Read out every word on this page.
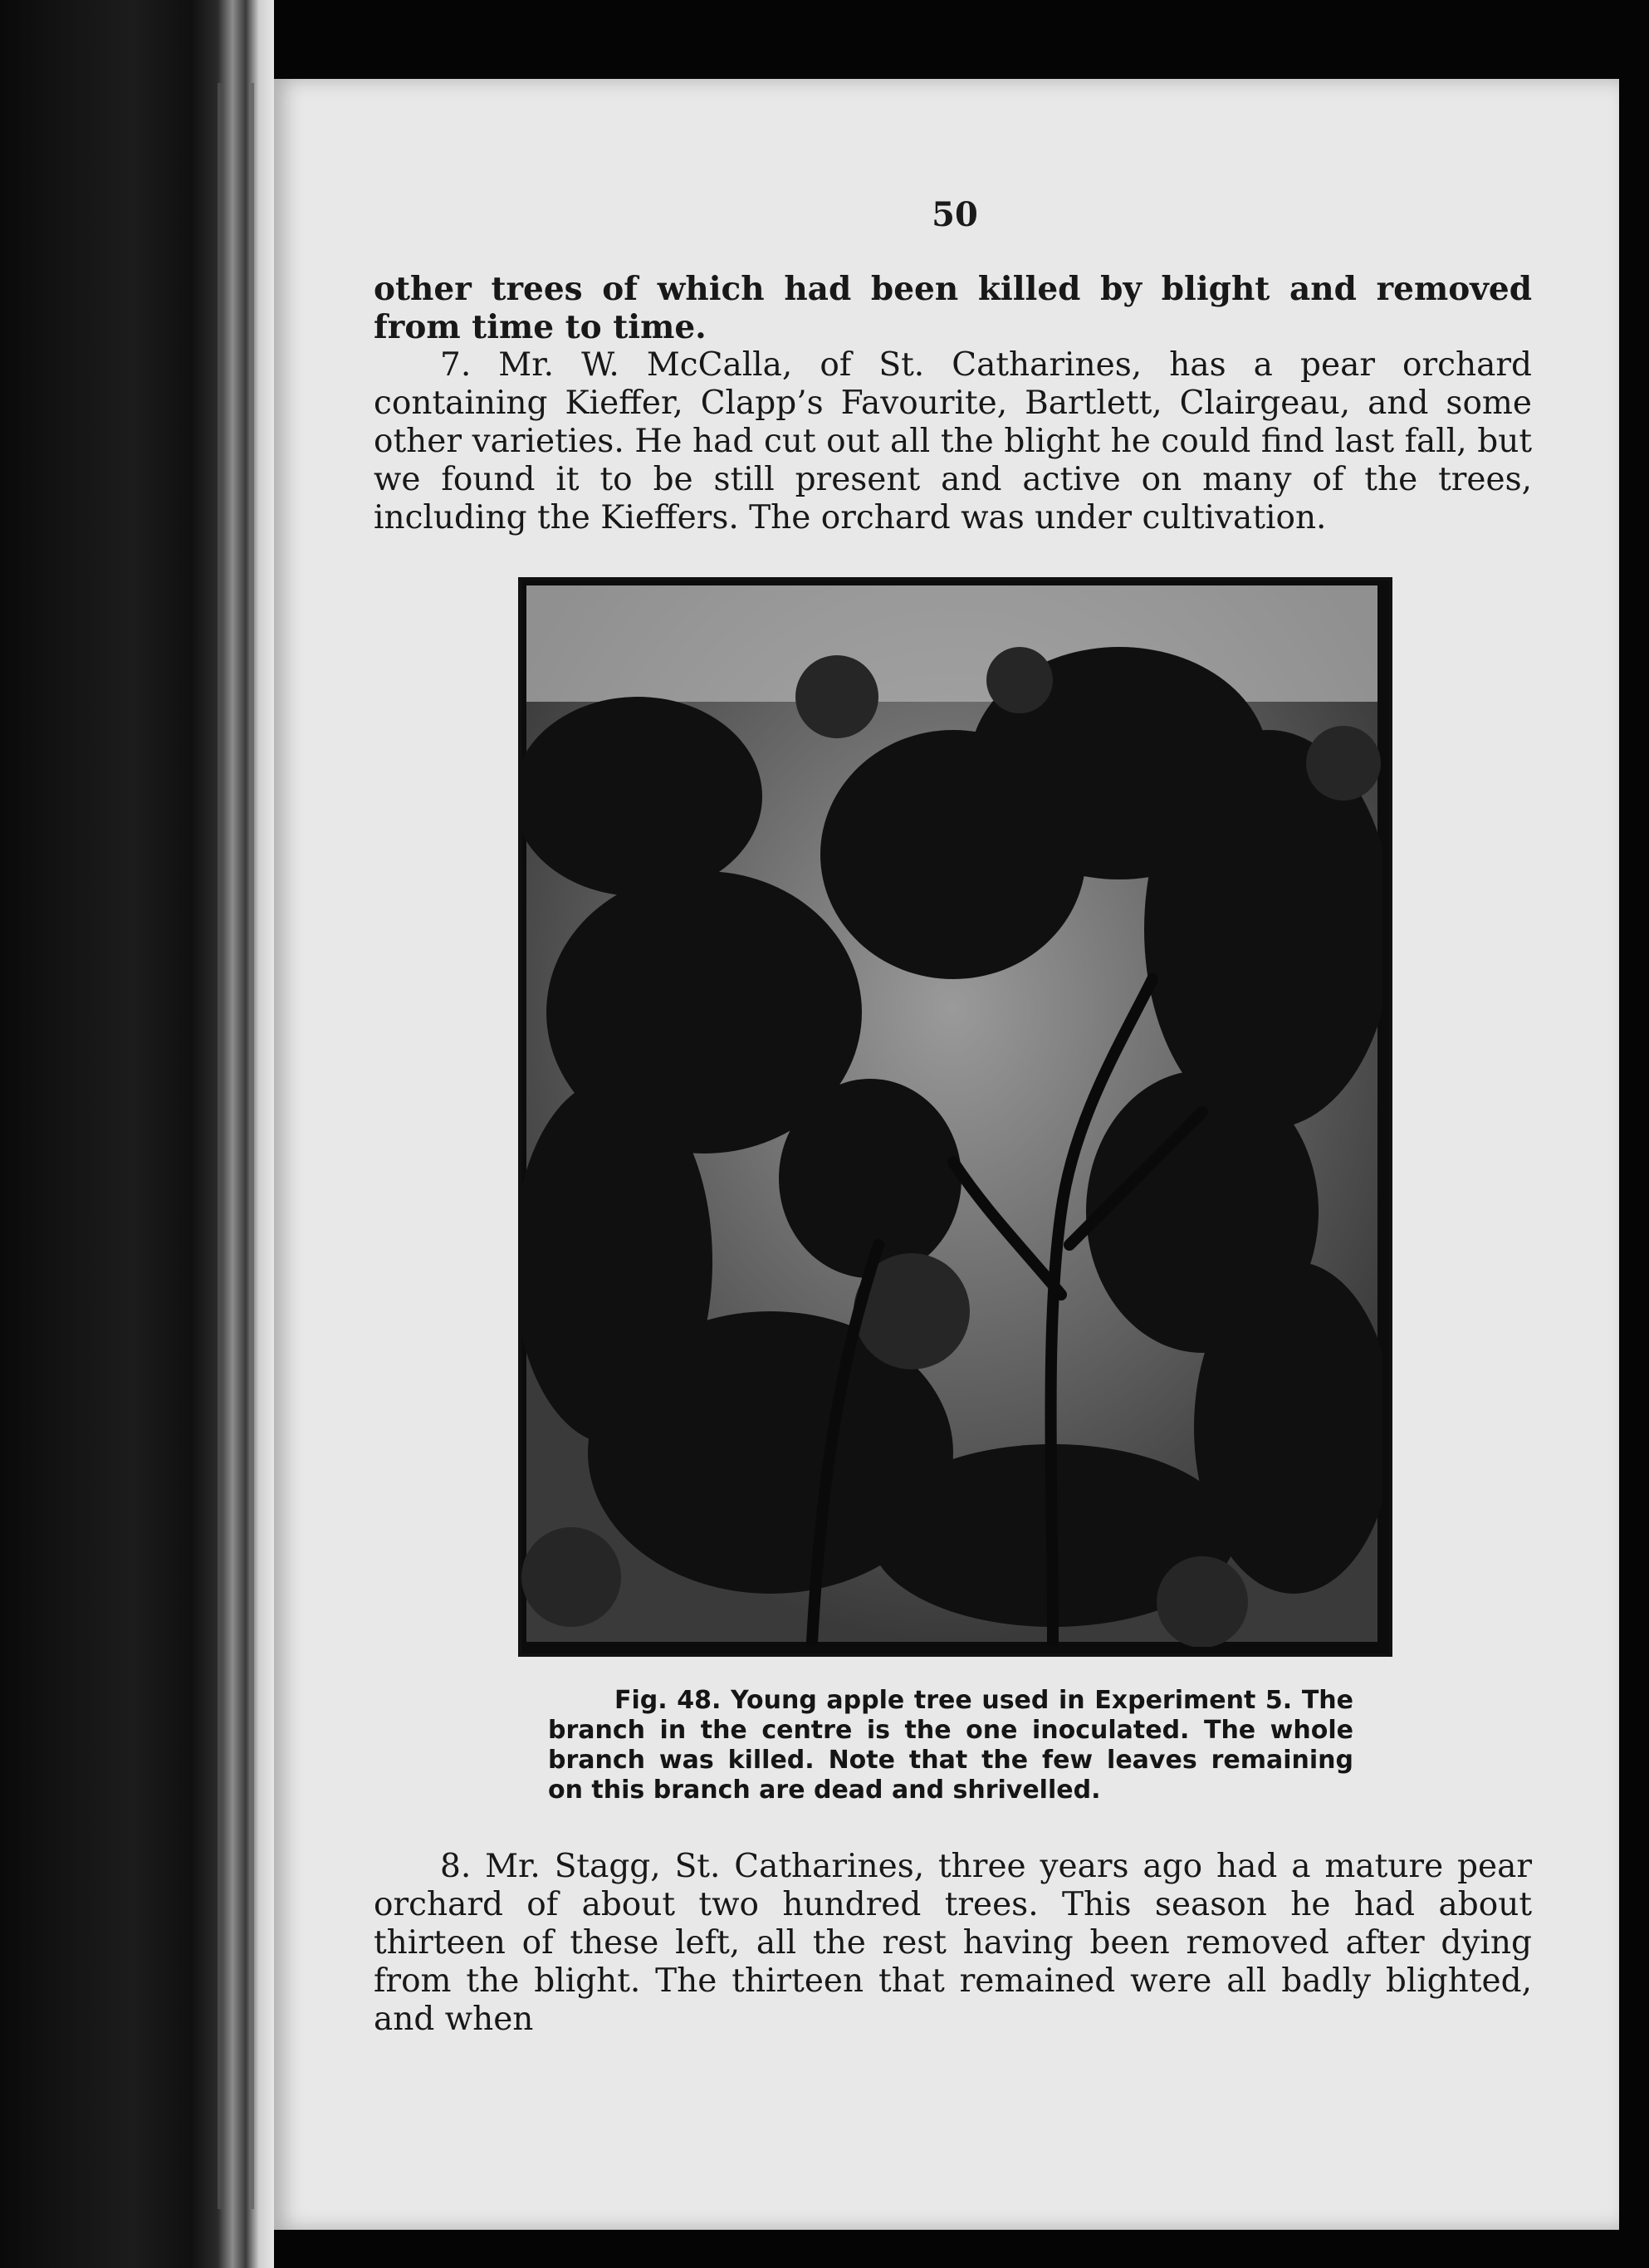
50

other trees of which had been killed by blight and removed from time to time.

7. Mr. W. McCalla, of St. Catharines, has a pear orchard containing Kieffer, Clapp’s Favourite, Bartlett, Clairgeau, and some other varieties. He had cut out all the blight he could find last fall, but we found it to be still present and active on many of the trees, including the Kieffers. The orchard was under cultivation.

Fig. 48. Young apple tree used in Experiment 5. The branch in the centre is the one inoculated. The whole branch was killed. Note that the few leaves remaining on this branch are dead and shrivelled.

8. Mr. Stagg, St. Catharines, three years ago had a mature pear orchard of about two hundred trees. This season he had about thirteen of these left, all the rest having been removed after dying from the blight. The thirteen that remained were all badly blighted, and when
